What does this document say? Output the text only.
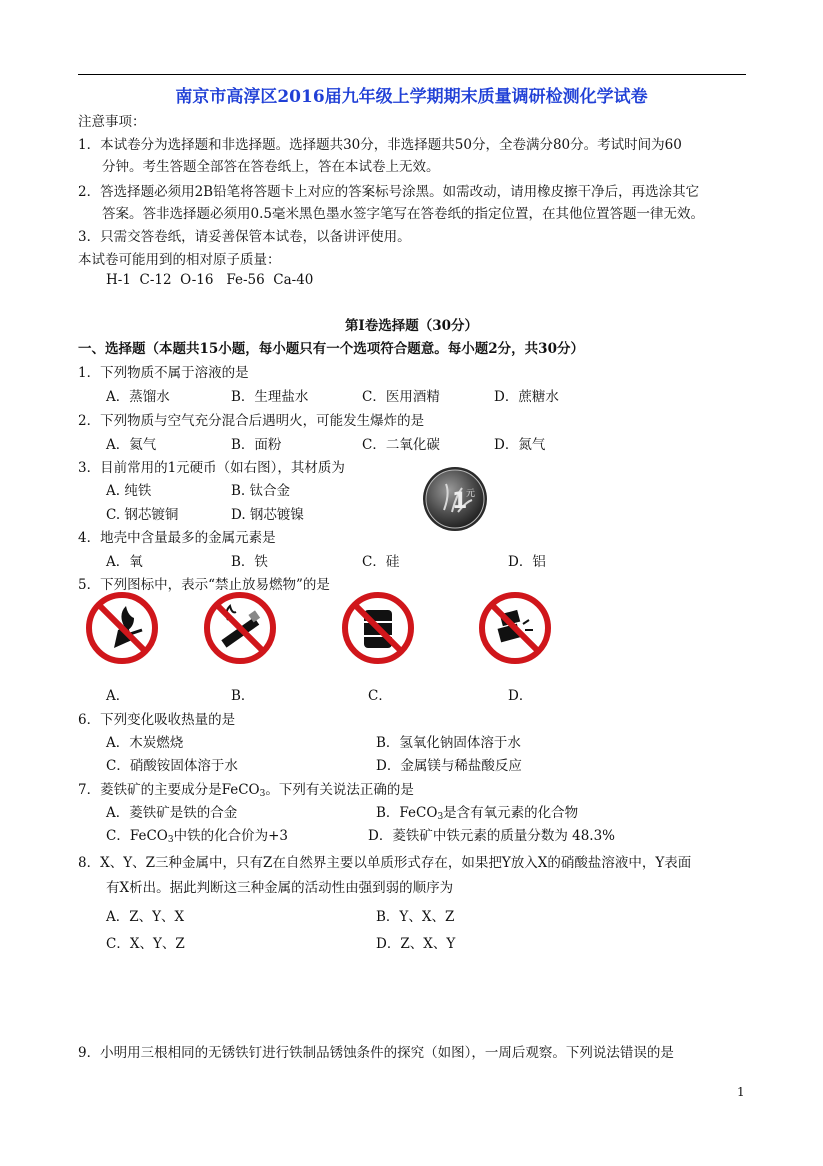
南京市高淳区2016届九年级上学期期末质量调研检测化学试卷
注意事项：
1．本试卷分为选择题和非选择题。选择题共30分，非选择题共50分，全卷满分80分。考试时间为60
分钟。考生答题全部答在答卷纸上，答在本试卷上无效。
2．答选择题必须用2B铅笔将答题卡上对应的答案标号涂黑。如需改动，请用橡皮擦干净后，再选涂其它
答案。答非选择题必须用0.5毫米黑色墨水签字笔写在答卷纸的指定位置，在其他位置答题一律无效。
3．只需交答卷纸，请妥善保管本试卷，以备讲评使用。
本试卷可能用到的相对原子质量：
H-1  C-12  O-16   Fe-56  Ca-40
第Ⅰ卷选择题（30分）
一、选择题（本题共15小题，每小题只有一个选项符合题意。每小题2分，共30分）
1．下列物质不属于溶液的是
A．蒸馏水	B．生理盐水	C．医用酒精	D．蔗糖水
2．下列物质与空气充分混合后遇明火，可能发生爆炸的是
A．氦气	B．面粉	C．二氧化碳	D．氮气
3．目前常用的1元硬币（如右图），其材质为
A. 纯铁	B. 钛合金
C. 钢芯镀铜	D. 钢芯镀镍
1
元
4．地壳中含量最多的金属元素是
A．氧	B．铁	C．硅	D．铝
5．下列图标中，表示“禁止放易燃物”的是
A．	B．	C．	D．
6．下列变化吸收热量的是
A．木炭燃烧	B．氢氧化钠固体溶于水
C．硝酸铵固体溶于水	D．金属镁与稀盐酸反应
7．菱铁矿的主要成分是FeCO$_3$。下列有关说法正确的是
A．菱铁矿是铁的合金	B．FeCO$_3$是含有氧元素的化合物
C．FeCO$_3$中铁的化合价为+3	D．菱铁矿中铁元素的质量分数为 48.3%
8．X、Y、Z三种金属中，只有Z在自然界主要以单质形式存在，如果把Y放入X的硝酸盐溶液中，Y表面
有X析出。据此判断这三种金属的活动性由强到弱的顺序为
A．Z、Y、X	B．Y、X、Z
C．X、Y、Z	D．Z、X、Y
9．小明用三根相同的无锈铁钉进行铁制品锈蚀条件的探究（如图），一周后观察。下列说法错误的是
1
